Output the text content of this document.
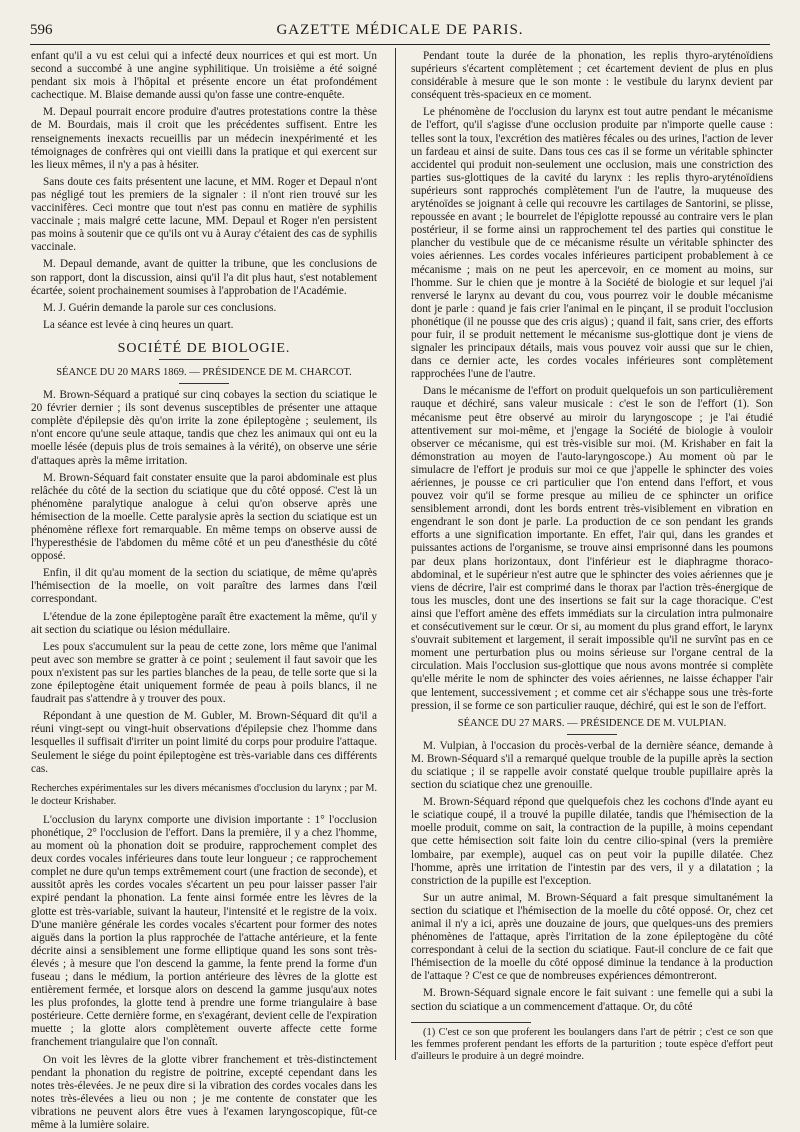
596	GAZETTE MÉDICALE DE PARIS.

enfant qu'il a vu est celui qui a infecté deux nourrices et qui est mort. Un second a succombé à une angine syphilitique. Un troisième a été soigné pendant six mois à l'hôpital et présente encore un état profondément cachectique. M. Blaise demande aussi qu'on fasse une contre-enquête.

M. Depaul pourrait encore produire d'autres protestations contre la thèse de M. Bourdais, mais il croit que les précédentes suffisent. Entre les renseignements inexacts recueillis par un médecin inexpérimenté et les témoignages de confrères qui ont vieilli dans la pratique et qui exercent sur les lieux mêmes, il n'y a pas à hésiter.

Sans doute ces faits présentent une lacune, et MM. Roger et Depaul n'ont pas négligé tout les premiers de la signaler : il n'ont rien trouvé sur les vaccinifères. Ceci montre que tout n'est pas connu en matière de syphilis vaccinale ; mais malgré cette lacune, MM. Depaul et Roger n'en persistent pas moins à soutenir que ce qu'ils ont vu à Auray c'étaient des cas de syphilis vaccinale.

M. Depaul demande, avant de quitter la tribune, que les conclusions de son rapport, dont la discussion, ainsi qu'il l'a dit plus haut, s'est notablement écartée, soient prochainement soumises à l'approbation de l'Académie.

M. J. Guérin demande la parole sur ces conclusions.

La séance est levée à cinq heures un quart.

SOCIÉTÉ DE BIOLOGIE.
SÉANCE DU 20 MARS 1869. — PRÉSIDENCE DE M. CHARCOT.

M. Brown-Séquard a pratiqué sur cinq cobayes la section du sciatique le 20 février dernier ; ils sont devenus susceptibles de présenter une attaque complète d'épilepsie dès qu'on irrite la zone épileptogène ; seulement, ils n'ont encore qu'une seule attaque, tandis que chez les animaux qui ont eu la moelle lésée (depuis plus de trois semaines à la vérité), on observe une série d'attaques après la même irritation.

M. Brown-Séquard fait constater ensuite que la paroi abdominale est plus relâchée du côté de la section du sciatique que du côté opposé. C'est là un phénomène paralytique analogue à celui qu'on observe après une hémisection de la moelle. Cette paralysie après la section du sciatique est un phénomène réflexe fort remarquable. En même temps on observe aussi de l'hyperesthésie de l'abdomen du même côté et un peu d'anesthésie du côté opposé.

Enfin, il dit qu'au moment de la section du sciatique, de même qu'après l'hémisection de la moelle, on voit paraître des larmes dans l'œil correspondant.

L'étendue de la zone épileptogène paraît être exactement la même, qu'il y ait section du sciatique ou lésion médullaire.

Les poux s'accumulent sur la peau de cette zone, lors même que l'animal peut avec son membre se gratter à ce point ; seulement il faut savoir que les poux n'existent pas sur les parties blanches de la peau, de telle sorte que si la zone épileptogène était uniquement formée de peau à poils blancs, il ne faudrait pas s'attendre à y trouver des poux.

Répondant à une question de M. Gubler, M. Brown-Séquard dit qu'il a réuni vingt-sept ou vingt-huit observations d'épilepsie chez l'homme dans lesquelles il suffisait d'irriter un point limité du corps pour produire l'attaque. Seulement le siége du point épileptogène est très-variable dans ces différents cas.

Recherches expérimentales sur les divers mécanismes d'occlusion du larynx ; par M. le docteur Krishaber.

L'occlusion du larynx comporte une division importante : 1° l'occlusion phonétique, 2° l'occlusion de l'effort. Dans la première, il y a chez l'homme, au moment où la phonation doit se produire, rapprochement complet des deux cordes vocales inférieures dans toute leur longueur ; ce rapprochement complet ne dure qu'un temps extrêmement court (une fraction de seconde), et aussitôt après les cordes vocales s'écartent un peu pour laisser passer l'air expiré pendant la phonation. La fente ainsi formée entre les lèvres de la glotte est très-variable, suivant la hauteur, l'intensité et le registre de la voix. D'une manière générale les cordes vocales s'écartent pour former des notes aiguës dans la portion la plus rapprochée de l'attache antérieure, et la fente décrite ainsi a sensiblement une forme elliptique quand les sons sont très-élevés ; à mesure que l'on descend la gamme, la fente prend la forme d'un fuseau ; dans le médium, la portion antérieure des lèvres de la glotte est entièrement fermée, et lorsque alors on descend la gamme jusqu'aux notes les plus profondes, la glotte tend à prendre une forme triangulaire à base postérieure. Cette dernière forme, en s'exagérant, devient celle de l'expiration muette ; la glotte alors complètement ouverte affecte cette forme franchement triangulaire que l'on connaît.

On voit les lèvres de la glotte vibrer franchement et très-distinctement pendant la phonation du registre de poitrine, excepté cependant dans les notes très-élevées. Je ne peux dire si la vibration des cordes vocales dans les notes très-élevées a lieu ou non ; je me contente de constater que les vibrations ne peuvent alors être vues à l'examen laryngoscopique, fût-ce même à la lumière solaire.

Pendant toute la durée de la phonation, les replis thyro-aryténoïdiens supérieurs s'écartent complètement ; cet écartement devient de plus en plus considérable à mesure que le son monte : le vestibule du larynx devient par conséquent très-spacieux en ce moment.

Le phénomène de l'occlusion du larynx est tout autre pendant le mécanisme de l'effort, qu'il s'agisse d'une occlusion produite par n'importe quelle cause : telles sont la toux, l'excrétion des matières fécales ou des urines, l'action de lever un fardeau et ainsi de suite. Dans tous ces cas il se forme un véritable sphincter accidentel qui produit non-seulement une occlusion, mais une constriction des parties sus-glottiques de la cavité du larynx : les replis thyro-aryténoïdiens supérieurs sont rapprochés complètement l'un de l'autre, la muqueuse des aryténoïdes se joignant à celle qui recouvre les cartilages de Santorini, se plisse, repoussée en avant ; le bourrelet de l'épiglotte repoussé au contraire vers le plan postérieur, il se forme ainsi un rapprochement tel des parties qui constitue le plancher du vestibule que de ce mécanisme résulte un véritable sphincter des voies aériennes. Les cordes vocales inférieures participent probablement à ce mécanisme ; mais on ne peut les apercevoir, en ce moment au moins, sur l'homme. Sur le chien que je montre à la Société de biologie et sur lequel j'ai renversé le larynx au devant du cou, vous pourrez voir le double mécanisme dont je parle : quand je fais crier l'animal en le pinçant, il se produit l'occlusion phonétique (il ne pousse que des cris aigus) ; quand il fait, sans crier, des efforts pour fuir, il se produit nettement le mécanisme sus-glottique dont je viens de signaler les principaux détails, mais vous pouvez voir aussi que sur le chien, dans ce dernier acte, les cordes vocales inférieures sont complètement rapprochées l'une de l'autre.

Dans le mécanisme de l'effort on produit quelquefois un son particulièrement rauque et déchiré, sans valeur musicale : c'est le son de l'effort (1). Son mécanisme peut être observé au miroir du laryngoscope ; je l'ai étudié attentivement sur moi-même, et j'engage la Société de biologie à vouloir observer ce mécanisme, qui est très-visible sur moi. (M. Krishaber en fait la démonstration au moyen de l'auto-laryngoscope.) Au moment où par le simulacre de l'effort je produis sur moi ce que j'appelle le sphincter des voies aériennes, je pousse ce cri particulier que l'on entend dans l'effort, et vous pouvez voir qu'il se forme presque au milieu de ce sphincter un orifice sensiblement arrondi, dont les bords entrent très-visiblement en vibration en engendrant le son dont je parle. La production de ce son pendant les grands efforts a une signification importante. En effet, l'air qui, dans les grandes et puissantes actions de l'organisme, se trouve ainsi emprisonné dans les poumons par deux plans horizontaux, dont l'inférieur est le diaphragme thoraco-abdominal, et le supérieur n'est autre que le sphincter des voies aériennes que je viens de décrire, l'air est comprimé dans le thorax par l'action très-énergique de tous les muscles, dont une des insertions se fait sur la cage thoracique. C'est ainsi que l'effort amène des effets immédiats sur la circulation intra pulmonaire et consécutivement sur le cœur. Or si, au moment du plus grand effort, le larynx s'ouvrait subitement et largement, il serait impossible qu'il ne survînt pas en ce moment une perturbation plus ou moins sérieuse sur l'organe central de la circulation. Mais l'occlusion sus-glottique que nous avons montrée si complète qu'elle mérite le nom de sphincter des voies aériennes, ne laisse échapper l'air que lentement, successivement ; et comme cet air s'échappe sous une très-forte pression, il se forme ce son particulier rauque, déchiré, qui est le son de l'effort.

SÉANCE DU 27 MARS. — PRÉSIDENCE DE M. VULPIAN.

M. Vulpian, à l'occasion du procès-verbal de la dernière séance, demande à M. Brown-Séquard s'il a remarqué quelque trouble de la pupille après la section du sciatique ; il se rappelle avoir constaté quelque trouble pupillaire après la section du sciatique chez une grenouille.

M. Brown-Séquard répond que quelquefois chez les cochons d'Inde ayant eu le sciatique coupé, il a trouvé la pupille dilatée, tandis que l'hémisection de la moelle produit, comme on sait, la contraction de la pupille, à moins cependant que cette hémisection soit faite loin du centre cilio-spinal (vers la première lombaire, par exemple), auquel cas on peut voir la pupille dilatée. Chez l'homme, après une irritation de l'intestin par des vers, il y a dilatation ; la constriction de la pupille est l'exception.

Sur un autre animal, M. Brown-Séquard a fait presque simultanément la section du sciatique et l'hémisection de la moelle du côté opposé. Or, chez cet animal il n'y a ici, après une douzaine de jours, que quelques-uns des premiers phénomènes de l'attaque, après l'irritation de la zone épileptogène du côté correspondant à celui de la section du sciatique. Faut-il conclure de ce fait que l'hémisection de la moelle du côté opposé diminue la tendance à la production de l'attaque ? C'est ce que de nombreuses expériences démontreront.

M. Brown-Séquard signale encore le fait suivant : une femelle qui a subi la section du sciatique a un commencement d'attaque. Or, du côté

(1) C'est ce son que proferent les boulangers dans l'art de pétrir ; c'est ce son que les femmes proferent pendant les efforts de la parturition ; toute espèce d'effort peut d'ailleurs le produire à un degré moindre.
